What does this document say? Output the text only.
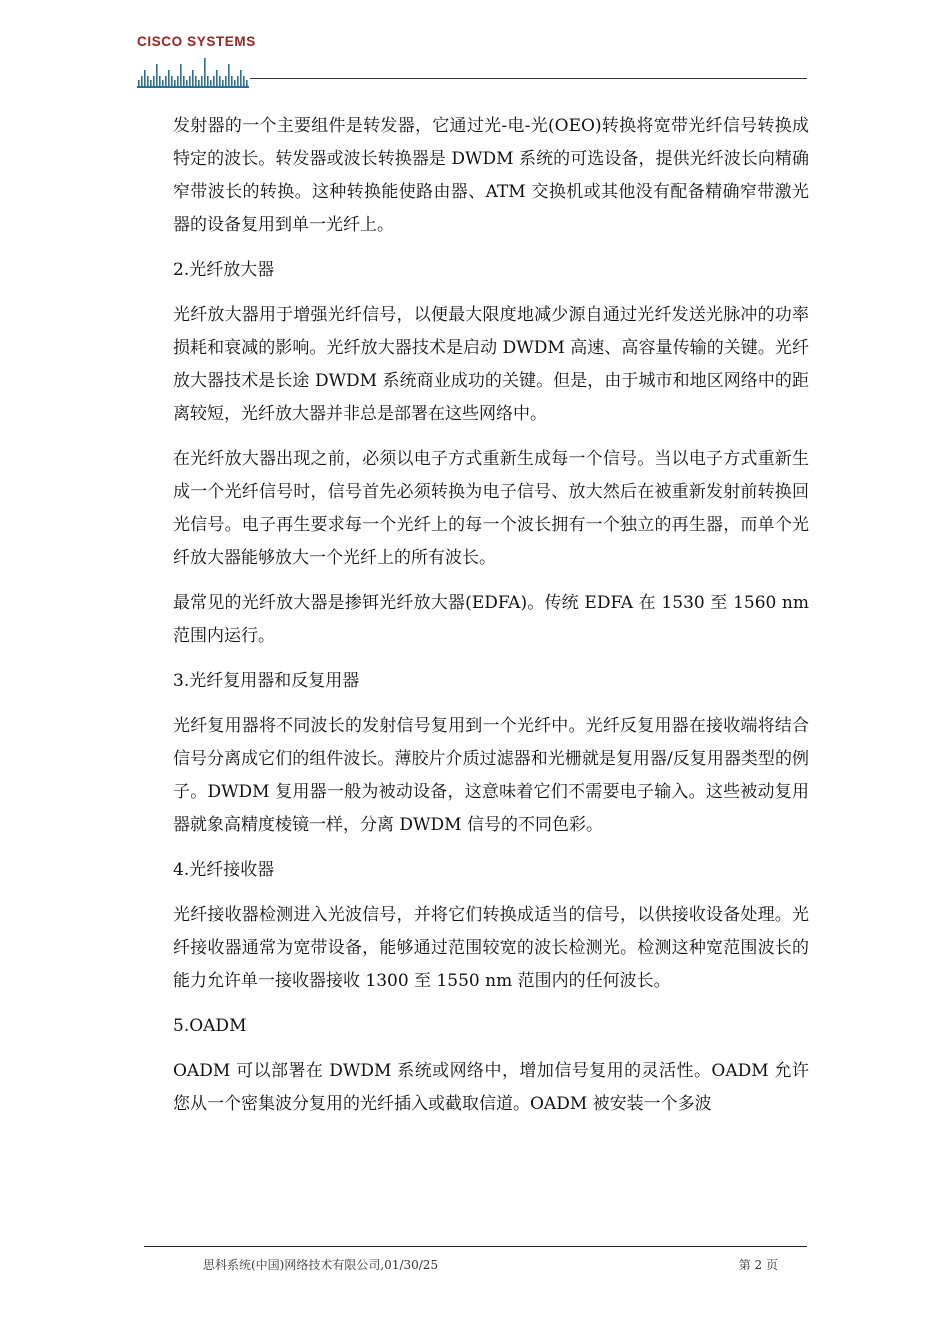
CISCO SYSTEMS

发射器的一个主要组件是转发器，它通过光-电-光(OEO)转换将宽带光纤信号转换成特定的波长。转发器或波长转换器是 DWDM 系统的可选设备，提供光纤波长向精确窄带波长的转换。这种转换能使路由器、ATM 交换机或其他没有配备精确窄带激光器的设备复用到单一光纤上。

2.光纤放大器

光纤放大器用于增强光纤信号，以便最大限度地减少源自通过光纤发送光脉冲的功率损耗和衰减的影响。光纤放大器技术是启动 DWDM 高速、高容量传输的关键。光纤放大器技术是长途 DWDM 系统商业成功的关键。但是，由于城市和地区网络中的距离较短，光纤放大器并非总是部署在这些网络中。

在光纤放大器出现之前，必须以电子方式重新生成每一个信号。当以电子方式重新生成一个光纤信号时，信号首先必须转换为电子信号、放大然后在被重新发射前转换回光信号。电子再生要求每一个光纤上的每一个波长拥有一个独立的再生器，而单个光纤放大器能够放大一个光纤上的所有波长。

最常见的光纤放大器是掺铒光纤放大器(EDFA)。传统 EDFA 在 1530 至 1560 nm 范围内运行。

3.光纤复用器和反复用器

光纤复用器将不同波长的发射信号复用到一个光纤中。光纤反复用器在接收端将结合信号分离成它们的组件波长。薄胶片介质过滤器和光栅就是复用器/反复用器类型的例子。DWDM 复用器一般为被动设备，这意味着它们不需要电子输入。这些被动复用器就象高精度棱镜一样，分离 DWDM 信号的不同色彩。

4.光纤接收器

光纤接收器检测进入光波信号，并将它们转换成适当的信号，以供接收设备处理。光纤接收器通常为宽带设备，能够通过范围较宽的波长检测光。检测这种宽范围波长的能力允许单一接收器接收 1300 至 1550 nm 范围内的任何波长。

5.OADM

OADM 可以部署在 DWDM 系统或网络中，增加信号复用的灵活性。OADM 允许您从一个密集波分复用的光纤插入或截取信道。OADM 被安装一个多波

思科系统(中国)网络技术有限公司,01/30/25	第 2 页
